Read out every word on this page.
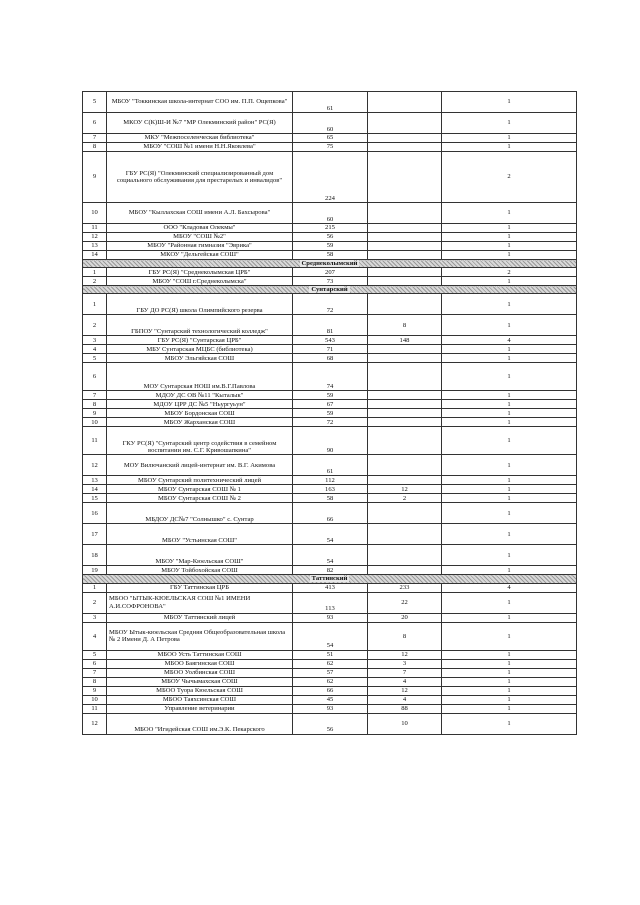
5	МБОУ "Токкинская школа-интернат СОО им. П.П. Ощепкова"	61		1
6	МКОУ С(К)Ш-И №7 "МР Олекминский район" РС(Я)	60		1
7	МКУ "Межпоселенческая библиотека"	65		1
8	МБОУ "СОШ №1 имени Н.Н.Яковлева"	75		1
9	ГБУ РС(Я) "Олекминский специализированный дом социального обслуживания для престарелых и инвалидов"	224		2
10	МБОУ "Кыллахская СОШ имени А.Л. Бахсырова"	60		1
11	ООО "Кладовая Олекмы"	215		1
12	МБОУ "СОШ №2"	56		1
13	МБОУ "Районная гимназия "Эврика"	59		1
14	МКОУ "Дельгейская СОШ"	58		1
Среднеколымский				
1	ГБУ РС(Я) "Среднеколымская ЦРБ"	207		2
2	МБОУ "СОШ г.Среднеколымска"	73		1
Сунтарский				
1	ГБУ ДО РС(Я) школа Олимпийского резерва	72		1
2	ГБПОУ "Сунтарский технологический колледж"	81	8	1
3	ГБУ РС(Я) "Сунтарская ЦРБ"	543	148	4
4	МБУ Сунтарская МЦБС (библиотека)	71		1
5	МБОУ Эльгяйская СОШ	68		1
6	МОУ Сунтарская НОШ им.В.Г.Павлова	74		1
7	МДОУ ДС ОВ №11 "Кыталык"	59		1
8	МДОУ ЦРР ДС №5 "Ньургуьун"	67		1
9	МБОУ Бордонская СОШ	59		1
10	МБОУ Жарханская СОШ	72		1
11	ГКУ РС(Я) "Сунтарский центр содействия в семейном воспитании им. С.Г. Кривошапкина"	90		1
12	МОУ Вилючанский лицей-интернат им. В.Г. Акимова	61		1
13	МБОУ Сунтарский политехнический лицей	112		1
14	МБОУ Сунтарская СОШ № 1	163	12	1
15	МБОУ Сунтарская СОШ № 2	58	2	1
16	МБДОУ ДС№7 "Солнышко" с. Сунтар	66		1
17	МБОУ "Устьинская СОШ"	54		1
18	МБОУ "Мар-Кюельская СОШ"	54		1
19	МБОУ Тойбохойская СОШ	82		1
Таттинский				
1	ГБУ Таттинская ЦРБ	413	233	4
2	МБОО "ЫТЫК-КЮЕЛЬСКАЯ СОШ №1 ИМЕНИ А.И.СОФРОНОВА"	113	22	1
3	МБОУ Таттинский лицей	93	20	1
4	МБОУ Ытык-кюельская Средняя Общеобразовательная школа № 2 Имени Д. А Петрова	54	8	1
5	МБОО Усть Таттинская СОШ	51	12	1
6	МБОО Баягинская СОШ	62	3	1
7	МБОО Уолбинская СОШ	57	7	1
8	МБОУ Чычымахская СОШ	62	4	1
9	МБОО Туора Кюельская СОШ	66	12	1
10	МБОО Таяхсинская СОШ	45	4	1
11	Управление ветеринарии	93	88	1
12	МБОО "Игидейская СОШ им.Э.К. Пекарского	56	10	1
